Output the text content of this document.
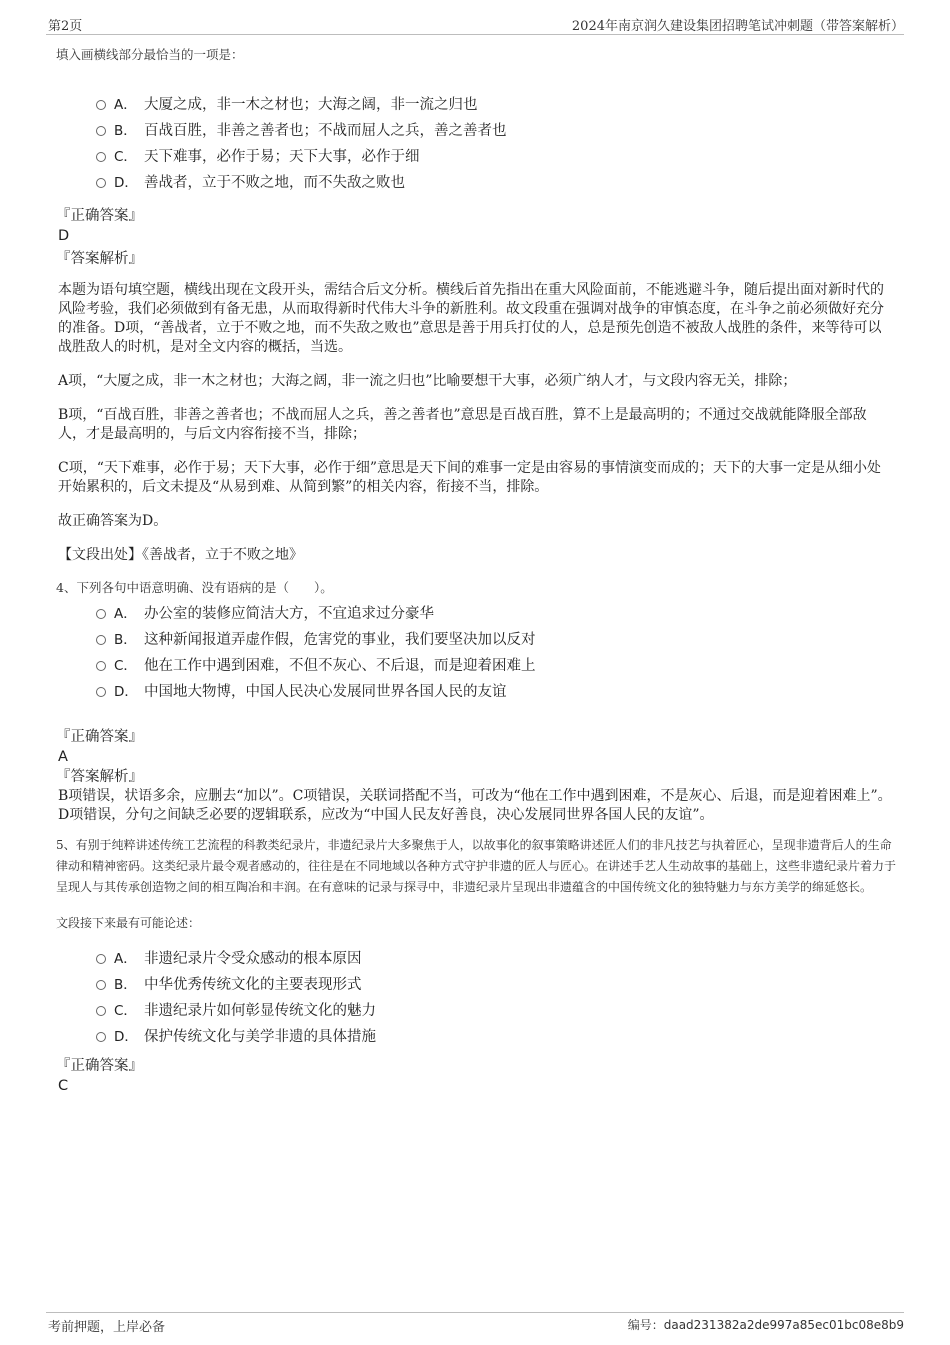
第2页	2024年南京润久建设集团招聘笔试冲刺题（带答案解析）
填入画横线部分最恰当的一项是：
A． 大厦之成，非一木之材也；大海之阔，非一流之归也
B． 百战百胜，非善之善者也；不战而屈人之兵，善之善者也
C． 天下难事，必作于易；天下大事，必作于细
D． 善战者，立于不败之地，而不失敌之败也
『正确答案』
D
『答案解析』
本题为语句填空题，横线出现在文段开头，需结合后文分析。横线后首先指出在重大风险面前，不能逃避斗争，随后提出面对新时代的风险考验，我们必须做到有备无患，从而取得新时代伟大斗争的新胜利。故文段重在强调对战争的审慎态度，在斗争之前必须做好充分的准备。D项，“善战者，立于不败之地，而不失敌之败也”意思是善于用兵打仗的人，总是预先创造不被敌人战胜的条件，来等待可以战胜敌人的时机，是对全文内容的概括，当选。
A项，“大厦之成，非一木之材也；大海之阔，非一流之归也”比喻要想干大事，必须广纳人才，与文段内容无关，排除；
B项，“百战百胜，非善之善者也；不战而屈人之兵，善之善者也”意思是百战百胜，算不上是最高明的；不通过交战就能降服全部敌人，才是最高明的，与后文内容衔接不当，排除；
C项，“天下难事，必作于易；天下大事，必作于细”意思是天下间的难事一定是由容易的事情演变而成的；天下的大事一定是从细小处开始累积的，后文未提及“从易到难、从简到繁”的相关内容，衔接不当，排除。
故正确答案为D。
【文段出处】《善战者，立于不败之地》
4、下列各句中语意明确、没有语病的是（　　）。
A． 办公室的装修应简洁大方，不宜追求过分豪华
B． 这种新闻报道弄虚作假，危害党的事业，我们要坚决加以反对
C． 他在工作中遇到困难，不但不灰心、不后退，而是迎着困难上
D． 中国地大物博，中国人民决心发展同世界各国人民的友谊
『正确答案』
A
『答案解析』
B项错误，状语多余，应删去“加以”。C项错误，关联词搭配不当，可改为“他在工作中遇到困难，不是灰心、后退，而是迎着困难上”。D项错误，分句之间缺乏必要的逻辑联系，应改为“中国人民友好善良，决心发展同世界各国人民的友谊”。
5、有别于纯粹讲述传统工艺流程的科教类纪录片，非遗纪录片大多聚焦于人，以故事化的叙事策略讲述匠人们的非凡技艺与执着匠心，呈现非遗背后人的生命律动和精神密码。这类纪录片最令观者感动的，往往是在不同地域以各种方式守护非遗的匠人与匠心。在讲述手艺人生动故事的基础上，这些非遗纪录片着力于呈现人与其传承创造物之间的相互陶冶和丰润。在有意味的记录与探寻中，非遗纪录片呈现出非遗蕴含的中国传统文化的独特魅力与东方美学的绵延悠长。
文段接下来最有可能论述：
A． 非遗纪录片令受众感动的根本原因
B． 中华优秀传统文化的主要表现形式
C． 非遗纪录片如何彰显传统文化的魅力
D． 保护传统文化与美学非遗的具体措施
『正确答案』
C
考前押题，上岸必备	编号：daad231382a2de997a85ec01bc08e8b9
